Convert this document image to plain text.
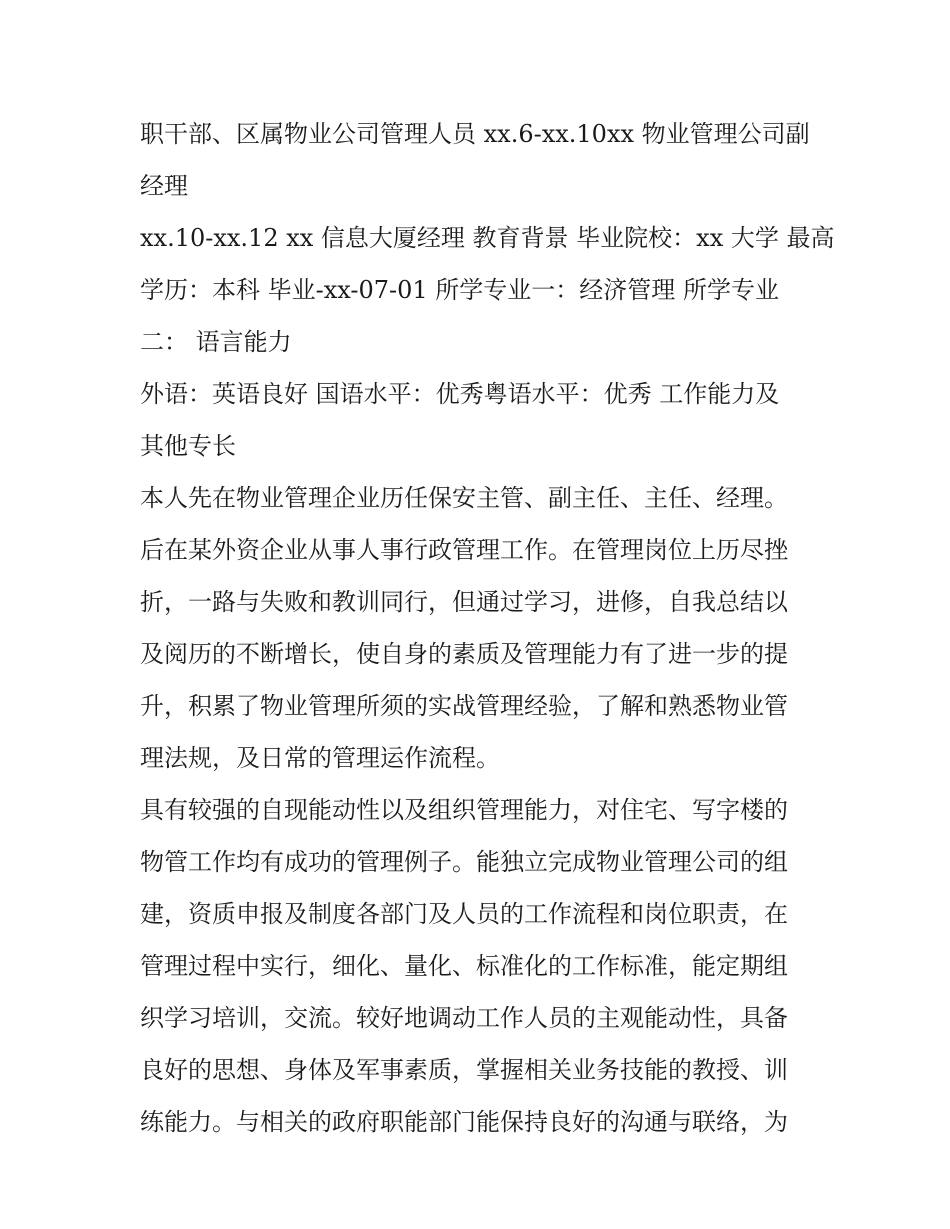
职干部、区属物业公司管理人员 xx.6-xx.10xx 物业管理公司副
经理
xx.10-xx.12 xx 信息大厦经理 教育背景 毕业院校：xx 大学 最高
学历：本科 毕业-xx-07-01 所学专业一：经济管理 所学专业
二： 语言能力
外语：英语良好 国语水平：优秀粤语水平：优秀 工作能力及
其他专长
本人先在物业管理企业历任保安主管、副主任、主任、经理。
后在某外资企业从事人事行政管理工作。在管理岗位上历尽挫
折，一路与失败和教训同行，但通过学习，进修，自我总结以
及阅历的不断增长，使自身的素质及管理能力有了进一步的提
升，积累了物业管理所须的实战管理经验，了解和熟悉物业管
理法规，及日常的管理运作流程。
具有较强的自现能动性以及组织管理能力，对住宅、写字楼的
物管工作均有成功的管理例子。能独立完成物业管理公司的组
建，资质申报及制度各部门及人员的工作流程和岗位职责，在
管理过程中实行，细化、量化、标准化的工作标准，能定期组
织学习培训，交流。较好地调动工作人员的主观能动性，具备
良好的思想、身体及军事素质，掌握相关业务技能的教授、训
练能力。与相关的政府职能部门能保持良好的沟通与联络，为
